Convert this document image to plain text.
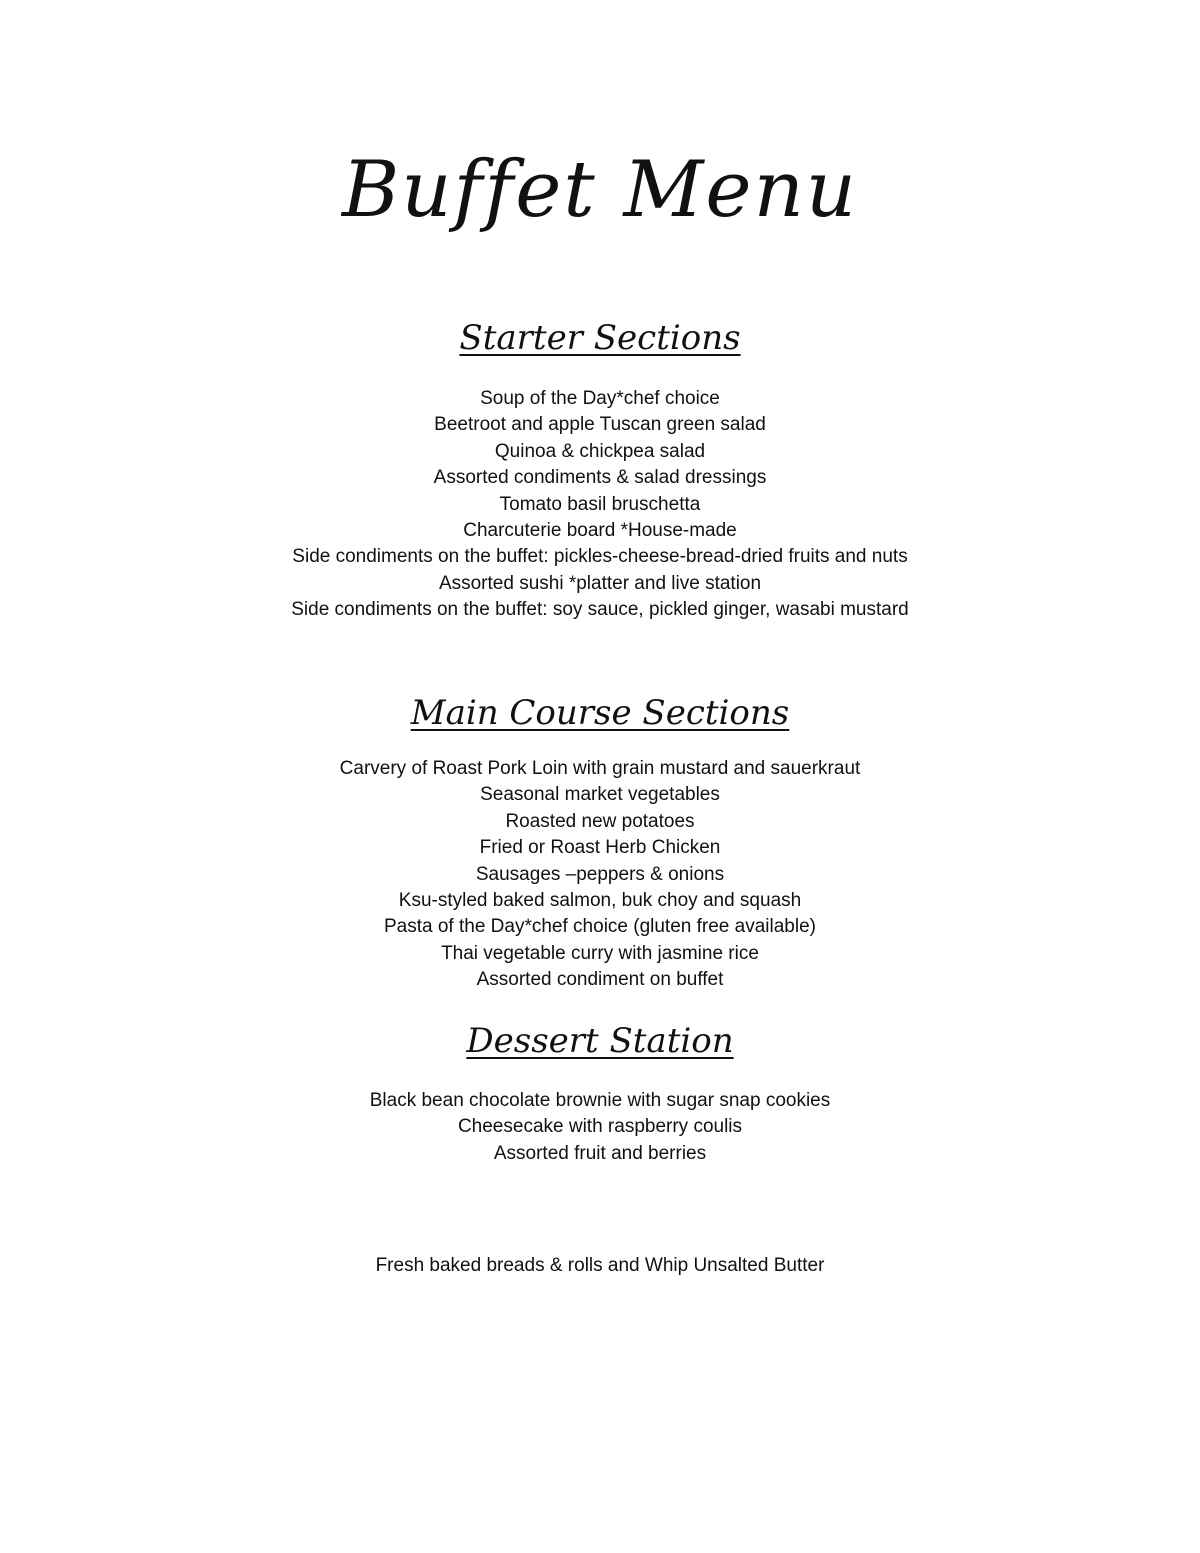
Buffet Menu
Starter Sections
Soup of the Day*chef choice
Beetroot and apple Tuscan green salad
Quinoa & chickpea salad
Assorted condiments & salad dressings
Tomato basil bruschetta
Charcuterie board *House-made
Side condiments on the buffet: pickles-cheese-bread-dried fruits and nuts
Assorted sushi *platter and live station
Side condiments on the buffet: soy sauce, pickled ginger, wasabi mustard
Main Course Sections
Carvery of Roast Pork Loin with grain mustard and sauerkraut
Seasonal market vegetables
Roasted new potatoes
Fried or Roast Herb Chicken
Sausages –peppers & onions
Ksu-styled baked salmon, buk choy and squash
Pasta of the Day*chef choice (gluten free available)
Thai vegetable curry with jasmine rice
Assorted condiment on buffet
Dessert Station
Black bean chocolate brownie with sugar snap cookies
Cheesecake with raspberry coulis
Assorted fruit and berries

Fresh baked breads & rolls and Whip Unsalted Butter
